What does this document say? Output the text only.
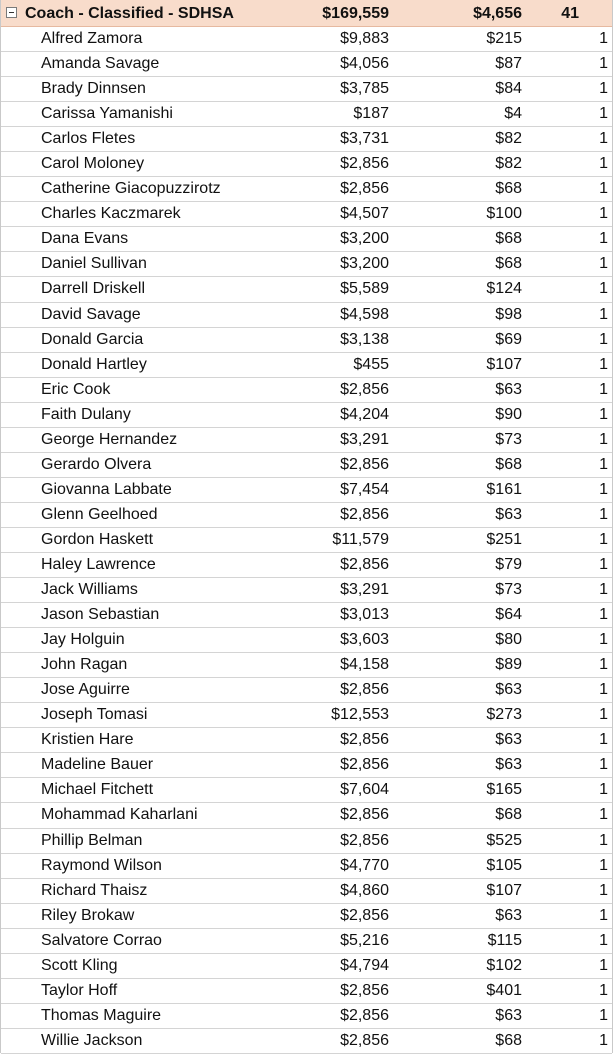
Coach - Classified - SDHSA	$169,559	$4,656	41
Alfred Zamora	$9,883	$215	1
Amanda Savage	$4,056	$87	1
Brady Dinnsen	$3,785	$84	1
Carissa Yamanishi	$187	$4	1
Carlos Fletes	$3,731	$82	1
Carol Moloney	$2,856	$82	1
Catherine Giacopuzzirotz	$2,856	$68	1
Charles Kaczmarek	$4,507	$100	1
Dana Evans	$3,200	$68	1
Daniel Sullivan	$3,200	$68	1
Darrell Driskell	$5,589	$124	1
David Savage	$4,598	$98	1
Donald Garcia	$3,138	$69	1
Donald Hartley	$455	$107	1
Eric Cook	$2,856	$63	1
Faith Dulany	$4,204	$90	1
George Hernandez	$3,291	$73	1
Gerardo Olvera	$2,856	$68	1
Giovanna Labbate	$7,454	$161	1
Glenn Geelhoed	$2,856	$63	1
Gordon Haskett	$11,579	$251	1
Haley Lawrence	$2,856	$79	1
Jack Williams	$3,291	$73	1
Jason Sebastian	$3,013	$64	1
Jay Holguin	$3,603	$80	1
John Ragan	$4,158	$89	1
Jose Aguirre	$2,856	$63	1
Joseph Tomasi	$12,553	$273	1
Kristien Hare	$2,856	$63	1
Madeline Bauer	$2,856	$63	1
Michael Fitchett	$7,604	$165	1
Mohammad Kaharlani	$2,856	$68	1
Phillip Belman	$2,856	$525	1
Raymond Wilson	$4,770	$105	1
Richard Thaisz	$4,860	$107	1
Riley Brokaw	$2,856	$63	1
Salvatore Corrao	$5,216	$115	1
Scott Kling	$4,794	$102	1
Taylor Hoff	$2,856	$401	1
Thomas Maguire	$2,856	$63	1
Willie Jackson	$2,856	$68	1
